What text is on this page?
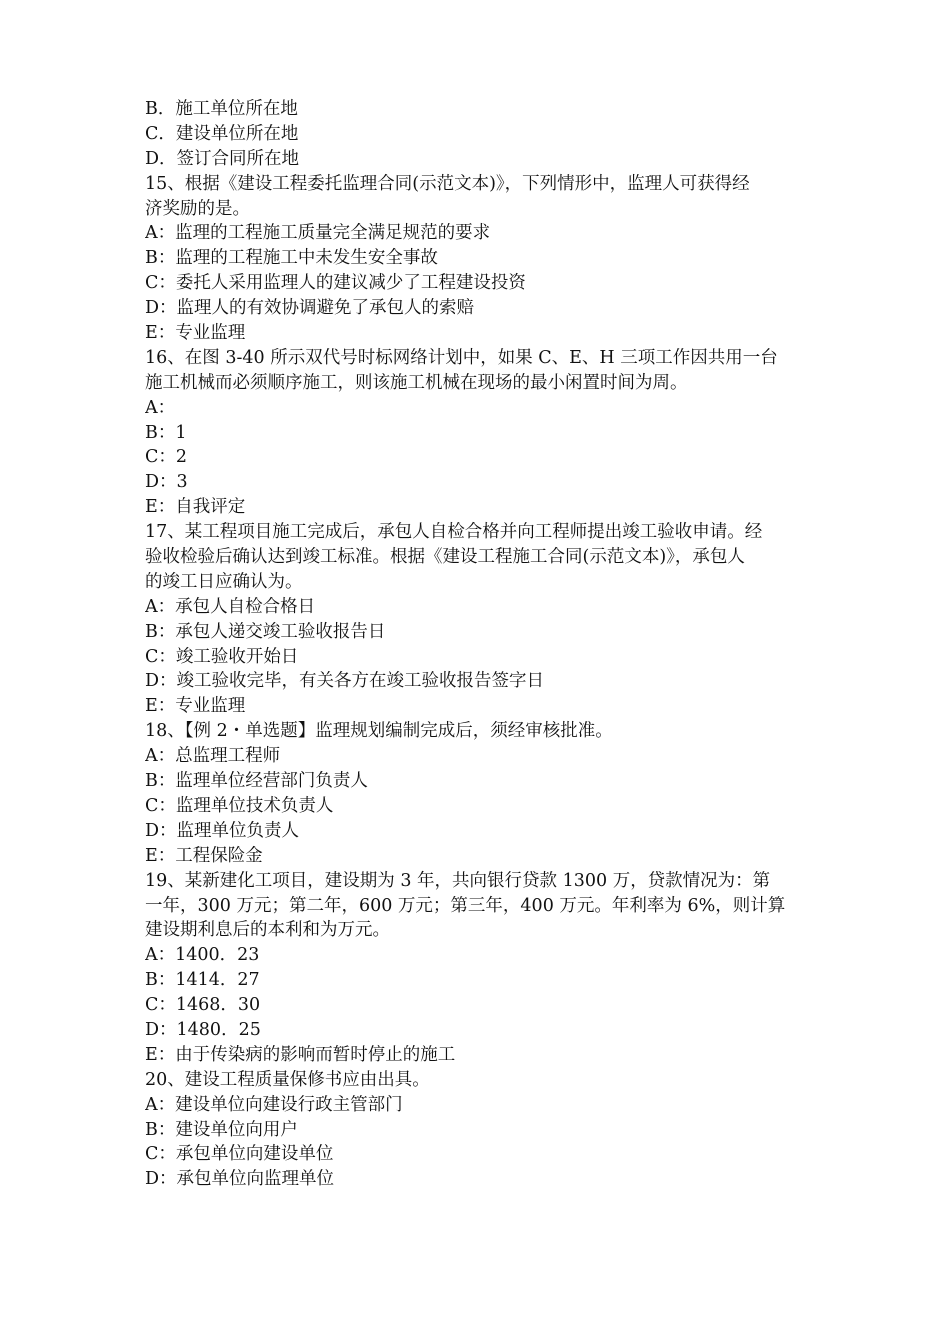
B．施工单位所在地
C．建设单位所在地
D．签订合同所在地
15、根据《建设工程委托监理合同(示范文本)》，下列情形中，监理人可获得经
济奖励的是。
A：监理的工程施工质量完全满足规范的要求
B：监理的工程施工中未发生安全事故
C：委托人采用监理人的建议减少了工程建设投资
D：监理人的有效协调避免了承包人的索赔
E：专业监理
16、在图 3-40 所示双代号时标网络计划中，如果 C、E、H 三项工作因共用一台
施工机械而必须顺序施工，则该施工机械在现场的最小闲置时间为周。
A：
B：1
C：2
D：3
E：自我评定
17、某工程项目施工完成后，承包人自检合格并向工程师提出竣工验收申请。经
验收检验后确认达到竣工标准。根据《建设工程施工合同(示范文本)》，承包人
的竣工日应确认为。
A：承包人自检合格日
B：承包人递交竣工验收报告日
C：竣工验收开始日
D：竣工验收完毕，有关各方在竣工验收报告签字日
E：专业监理
18、【例 2・单选题】监理规划编制完成后，须经审核批准。
A：总监理工程师
B：监理单位经营部门负责人
C：监理单位技术负责人
D：监理单位负责人
E：工程保险金
19、某新建化工项目，建设期为 3 年，共向银行贷款 1300 万，贷款情况为：第
一年，300 万元；第二年，600 万元；第三年，400 万元。年利率为 6%，则计算
建设期利息后的本利和为万元。
A：1400．23
B：1414．27
C：1468．30
D：1480．25
E：由于传染病的影响而暂时停止的施工
20、建设工程质量保修书应由出具。
A：建设单位向建设行政主管部门
B：建设单位向用户
C：承包单位向建设单位
D：承包单位向监理单位
